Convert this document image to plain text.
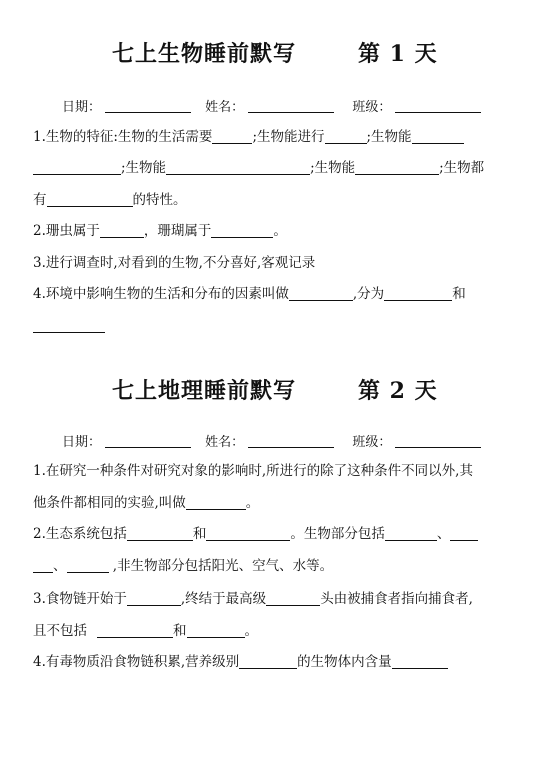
七上生物睡前默写	第 1 天
日期：	姓名：	班级：
1.生物的特征:生物的生活需要	;生物能进行	;生物能
;生物能	;生物能	;生物都
有	的特性。
2.珊虫属于	，珊瑚属于	。
3.进行调查时,对看到的生物,不分喜好,客观记录
4.环境中影响生物的生活和分布的因素叫做	,分为	和
七上地理睡前默写	第 2 天
日期：	姓名：	班级：
1.在研究一种条件对研究对象的影响时,所进行的除了这种条件不同以外,其
他条件都相同的实验,叫做	。
2.生态系统包括	和	。生物部分包括	、
、	,非生物部分包括阳光、空气、水等。
3.食物链开始于	,终结于最高级	头由被捕食者指向捕食者,
且不包括	和	。
4.有毒物质沿食物链积累,营养级别	的生物体内含量
